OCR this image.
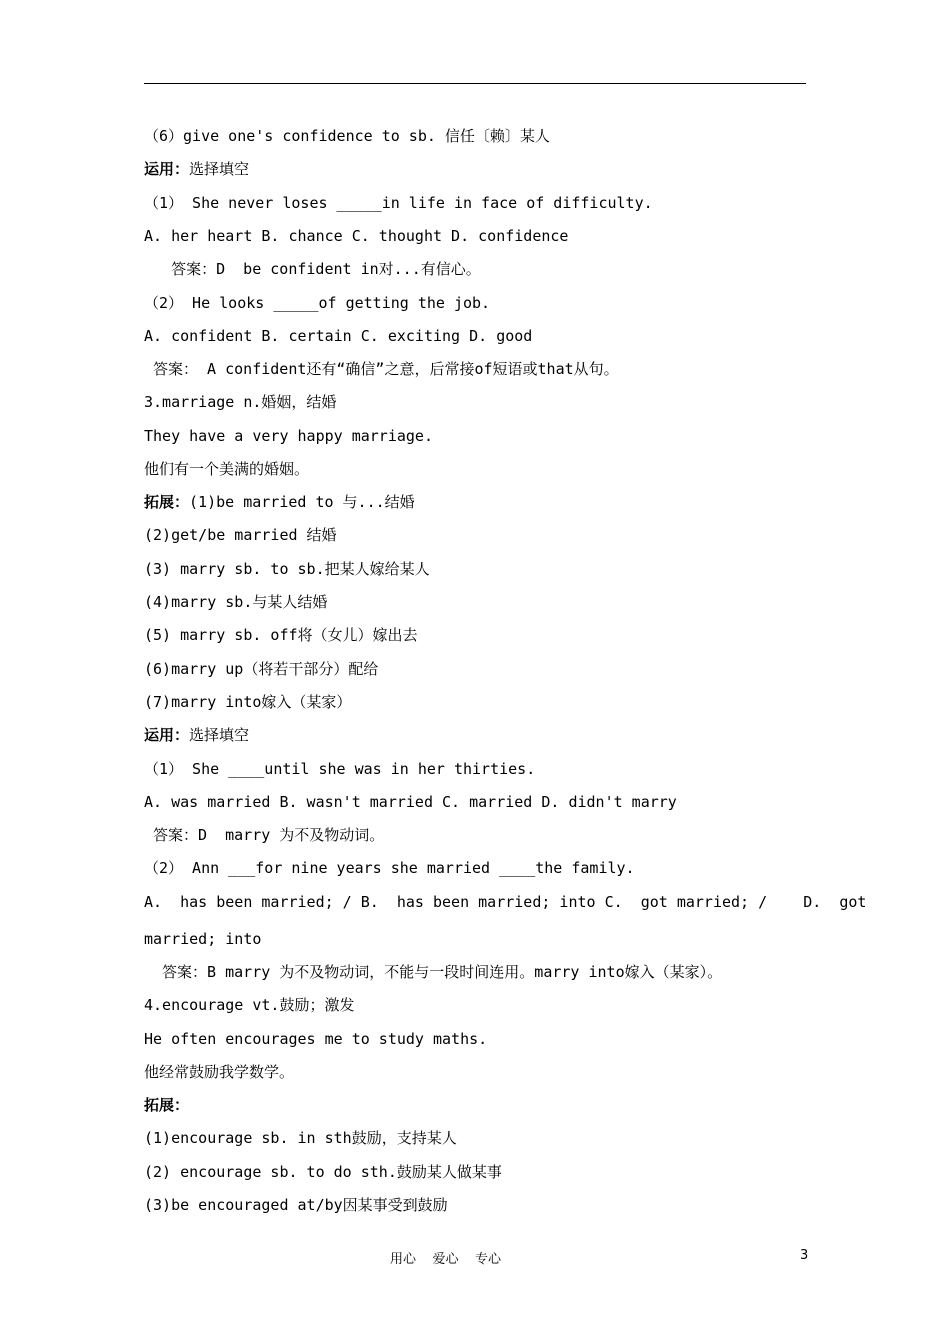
（6）give one's confidence to sb. 信任〔赖〕某人
运用：选择填空
（1） She never loses _____in life in face of difficulty.
A. her heart B. chance C. thought D. confidence
答案：D  be confident in对...有信心。
（2） He looks _____of getting the job.
A. confident B. certain C. exciting D. good
答案： A confident还有“确信”之意，后常接of短语或that从句。
3.marriage n.婚姻，结婚
They have a very happy marriage.
他们有一个美满的婚姻。
拓展：(1)be married to 与...结婚
(2)get/be married 结婚
(3) marry sb. to sb.把某人嫁给某人
(4)marry sb.与某人结婚
(5) marry sb. off将（女儿）嫁出去
(6)marry up（将若干部分）配给
(7)marry into嫁入（某家）
运用：选择填空
（1） She ____until she was in her thirties.
A. was married B. wasn't married C. married D. didn't marry
答案：D  marry 为不及物动词。
（2） Ann ___for nine years she married ____the family.
A.  has been married; / B.  has been married; into C.  got married; /    D.  got
married; into
答案：B marry 为不及物动词，不能与一段时间连用。marry into嫁入（某家）。
4.encourage vt.鼓励；激发
He often encourages me to study maths.
他经常鼓励我学数学。
拓展：
(1)encourage sb. in sth鼓励，支持某人
(2) encourage sb. to do sth.鼓励某人做某事
(3)be encouraged at/by因某事受到鼓励
用心    爱心    专心	3
